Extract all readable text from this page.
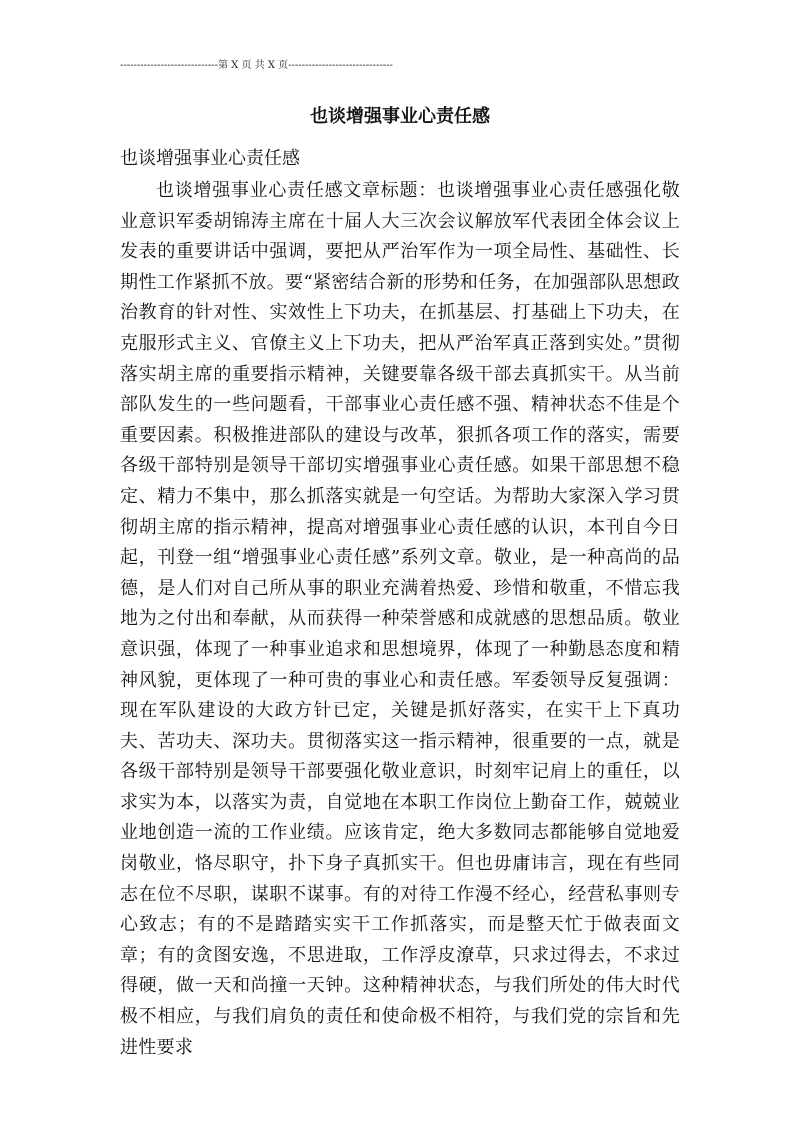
-----------------------------第 X 页 共 X 页-------------------------------
也谈增强事业心责任感
也谈增强事业心责任感

也谈增强事业心责任感文章标题：也谈增强事业心责任感强化敬业意识军委胡锦涛主席在十届人大三次会议解放军代表团全体会议上发表的重要讲话中强调，要把从严治军作为一项全局性、基础性、长期性工作紧抓不放。要“紧密结合新的形势和任务，在加强部队思想政治教育的针对性、实效性上下功夫，在抓基层、打基础上下功夫，在克服形式主义、官僚主义上下功夫，把从严治军真正落到实处。”贯彻落实胡主席的重要指示精神，关键要靠各级干部去真抓实干。从当前部队发生的一些问题看，干部事业心责任感不强、精神状态不佳是个重要因素。积极推进部队的建设与改革，狠抓各项工作的落实，需要各级干部特别是领导干部切实增强事业心责任感。如果干部思想不稳定、精力不集中，那么抓落实就是一句空话。为帮助大家深入学习贯彻胡主席的指示精神，提高对增强事业心责任感的认识，本刊自今日起，刊登一组“增强事业心责任感”系列文章。敬业，是一种高尚的品德，是人们对自己所从事的职业充满着热爱、珍惜和敬重，不惜忘我地为之付出和奉献，从而获得一种荣誉感和成就感的思想品质。敬业意识强，体现了一种事业追求和思想境界，体现了一种勤恳态度和精神风貌，更体现了一种可贵的事业心和责任感。军委领导反复强调：现在军队建设的大政方针已定，关键是抓好落实，在实干上下真功夫、苦功夫、深功夫。贯彻落实这一指示精神，很重要的一点，就是各级干部特别是领导干部要强化敬业意识，时刻牢记肩上的重任，以求实为本，以落实为责，自觉地在本职工作岗位上勤奋工作，兢兢业业地创造一流的工作业绩。应该肯定，绝大多数同志都能够自觉地爱岗敬业，恪尽职守，扑下身子真抓实干。但也毋庸讳言，现在有些同志在位不尽职，谋职不谋事。有的对待工作漫不经心，经营私事则专心致志；有的不是踏踏实实干工作抓落实，而是整天忙于做表面文章；有的贪图安逸，不思进取，工作浮皮潦草，只求过得去，不求过得硬，做一天和尚撞一天钟。这种精神状态，与我们所处的伟大时代极不相应，与我们肩负的责任和使命极不相符，与我们党的宗旨和先进性要求
